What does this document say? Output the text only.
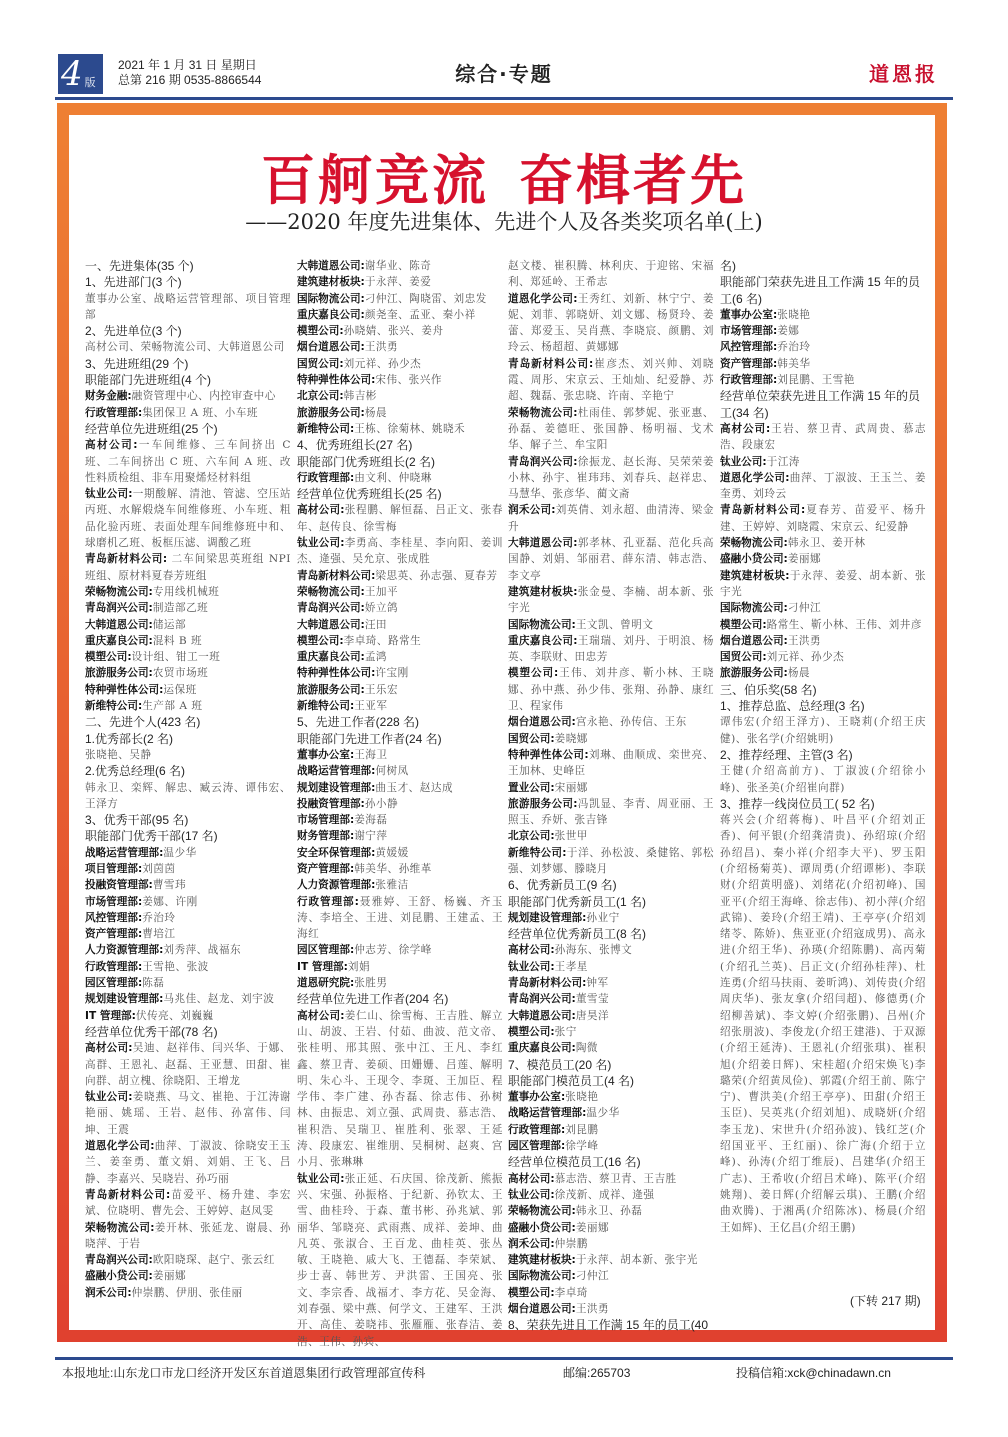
4 版
2021 年 1 月 31 日 星期日
总第 216 期 0535-8866544	综合·专题	道恩报
百舸竞流 奋楫者先
——2020 年度先进集体、先进个人及各类奖项名单(上)
一、先进集体(35 个)
1、先进部门(3 个)
董事办公室、战略运营管理部、项目管理部
2、先进单位(3 个)
高材公司、荣畅物流公司、大韩道恩公司
3、先进班组(29 个)
职能部门先进班组(4 个)
财务金融:融资管理中心、内控审查中心
行政管理部:集团保卫 A 班、小车班
经营单位先进班组(25 个)
高材公司:一车间维修、三车间挤出 C 班、二车间挤出 C 班、六车间 A 班、改性料质检组、非车用聚烯烃材料组
钛业公司:一期酸解、清池、管滤、空压站丙班、水解煅烧车间维修班、小车班、粗品化验丙班、表面处理车间维修班中和、球磨机乙班、板框压滤、调酸乙班
青岛新材料公司: 二车间梁思英班组 NPI 班组、原材料夏春芳班组
荣畅物流公司:专用线机械班
青岛润兴公司:制造部乙班
大韩道恩公司:储运部
重庆嘉良公司:混料 B 班
模塑公司:设计组、钳工一班
旅游服务公司:农贸市场班
特种弹性体公司:运保班
新维特公司:生产部 A 班
二、先进个人(423 名)
1.优秀部长(2 名)
张晓艳、吴静
2.优秀总经理(6 名)
韩永卫、栾辉、解忠、臧云涛、谭伟宏、王泽方
3、优秀干部(95 名)
职能部门优秀干部(17 名)
战略运营管理部:温少华
项目管理部:刘茵茵
投融资管理部:曹雪玮
市场管理部:姜娜、许刚
风控管理部:乔治玲
资产管理部:曹培江
人力资源管理部:刘秀萍、战福东
行政管理部:王雪艳、张波
园区管理部:陈磊
规划建设管理部:马兆佳、赵龙、刘宇波
IT 管理部:伏传亮、刘巍巍
经营单位优秀干部(78 名)
高材公司:吴迪、赵祥伟、闫兴华、于娜、高群、王恩礼、赵磊、王亚慧、田甜、崔向群、胡立槐、徐晓阳、王增龙
钛业公司:姜晓燕、马文、崔艳、于江涛谢艳丽、姚瑶、王岩、赵伟、孙富伟、闫坤、王震
道恩化学公司:曲萍、丁淑波、徐晓安王玉兰、姜奎勇、董文娟、刘娟、王飞、吕静、李嘉兴、吴晓岩、孙巧丽
青岛新材料公司:苗爱平、杨升建、李宏斌、位晓明、曹先会、王婷婷、赵凤雯
荣畅物流公司:姜开林、张延龙、谢晨、孙晓萍、于岩
青岛润兴公司:欧阳晓琛、赵宁、张云红
盛融小贷公司:姜丽娜
润禾公司:仲崇鹏、伊朋、张佳丽
大韩道恩公司:谢华业、陈奇
建筑建材板块:于永萍、姜爱
国际物流公司:刁仲江、陶晓雷、刘忠发
重庆嘉良公司:颜尧奎、孟亚、秦小祥
模塑公司:孙晓婧、张兴、姜舟
烟台道恩公司:王洪勇
国贸公司:刘元祥、孙少杰
特种弹性体公司:宋伟、张兴作
北京公司:韩吉彬
旅游服务公司:杨晨
新维特公司:王栋、徐菊林、姚晓禾
4、优秀班组长(27 名)
职能部门优秀班组长(2 名)
行政管理部:由文利、仲晓琳
经营单位优秀班组长(25 名)
高材公司:张程鹏、解恒磊、吕正文、张春年、赵传良、徐雪梅
钛业公司:李勇高、李桂星、李向阳、姜训杰、逄强、吴允京、张成胜
青岛新材料公司:梁思英、孙志强、夏春芳
荣畅物流公司:王加平
青岛润兴公司:娇立鸽
大韩道恩公司:汪田
模塑公司:李卓琦、路常生
重庆嘉良公司:孟鸿
特种弹性体公司:许宝刚
旅游服务公司:王乐宏
新维特公司:王亚军
5、先进工作者(228 名)
职能部门先进工作者(24 名)
董事办公室:王海卫
战略运营管理部:何树凤
规划建设管理部:曲玉才、赵达成
投融资管理部:孙小静
市场管理部:姜海磊
财务管理部:谢宁萍
安全环保管理部:黄媛媛
资产管理部:韩美华、孙维革
人力资源管理部:张雅洁
行政管理部:聂雅婷、王舒、杨巍、齐玉涛、李培全、王进、刘昆鹏、王建孟、王海红
园区管理部:仲志芳、徐学峰
IT 管理部:刘娟
道恩研究院:张胜男
经营单位先进工作者(204 名)
高材公司:姜仁山、徐雪梅、王吉胜、解立山、胡波、王岩、付茹、曲波、范文帝、张桂明、邢其照、张中江、王凡、李红鑫、蔡卫青、姜硕、田姗姗、吕莲、解明明、朱心斗、王现令、李斑、王加臣、程学伟、李广建、孙杏磊、徐志伟、孙树林、由振忠、刘立强、武周贵、慕志浩、崔积浩、吴瑞卫、崔胜利、张翠、王延涛、段康宏、崔维朋、吴桐树、赵爽、宫小月、张琳琳
钛业公司:张正延、石庆国、徐茂新、熊振兴、宋强、孙振格、于纪新、孙钦太、王雪、曲桂玲、于森、董书彬、孙兆斌、郭丽华、邹晓亮、武雨燕、成祥、姜坤、曲凡英、张淑合、王百龙、曲桂英、张丛敏、王晓艳、戚大飞、王德磊、李荣斌、步士喜、韩世芳、尹洪雷、王国亮、张文、李宗香、战福才、李方花、吴金海、刘春强、梁中燕、何学文、王建军、王洪开、高佳、姜晓祎、张雁雁、张春洁、姜浩、王伟、孙宾、
赵文楼、崔积腾、林利庆、于迎铭、宋福利、郑延岭、王希志
道恩化学公司:王秀红、刘新、林宁宁、姜妮、刘菲、郭晓妍、刘文娜、杨贤玲、姜蕾、郑爱玉、吴肖燕、李晓宸、颜鹏、刘玲云、杨超超、黄娜娜
青岛新材料公司:崔彦杰、刘兴帅、刘晓霞、周彤、宋京云、王灿灿、纪爱静、苏超、魏磊、张忠晓、许南、辛艳宁
荣畅物流公司:杜雨佳、郭梦妮、张亚惠、孙磊、姜德旺、张国静、杨明福、戈术华、解子兰、牟宝阳
青岛润兴公司:徐振龙、赵长海、吴荣荣姜小林、孙宇、崔玮玮、刘春兵、赵祥忠、马慧华、张彦华、蔺文斋
润禾公司:刘英倩、刘永超、曲清涛、梁金升
大韩道恩公司:郭孝林、孔亚磊、范化兵高国静、刘娟、邹丽君、薛东清、韩志浩、李文亭
建筑建材板块:张金曼、李楠、胡本新、张宇光
国际物流公司:王文凯、曾明文
重庆嘉良公司:王瑞瑞、刘丹、于明浪、杨英、李联财、田忠芳
模塑公司:王伟、刘井彦、靳小林、王晓娜、孙中燕、孙少伟、张翔、孙静、康红卫、程家伟
烟台道恩公司:宫永艳、孙传信、王东
国贸公司:姜晓娜
特种弹性体公司:刘琳、曲顺成、栾世亮、王加林、史峰臣
置业公司:宋丽娜
旅游服务公司:冯凯显、李青、周亚丽、王照玉、乔妍、张吉锋
北京公司:张世甲
新维特公司:于洋、孙松波、桑健铭、郭松强、刘梦娜、滕晓月
6、优秀新员工(9 名)
职能部门优秀新员工(1 名)
规划建设管理部:孙业宁
经营单位优秀新员工(8 名)
高材公司:孙海东、张博文
钛业公司:王孝星
青岛新材料公司:钟军
青岛润兴公司:董雪莹
大韩道恩公司:唐昊洋
模塑公司:张宁
重庆嘉良公司:陶微
7、模范员工(20 名)
职能部门模范员工(4 名)
董事办公室:张晓艳
战略运营管理部:温少华
行政管理部:刘昆鹏
园区管理部:徐学峰
经营单位模范员工(16 名)
高材公司:慕志浩、蔡卫青、王吉胜
钛业公司:徐茂新、成祥、逄强
荣畅物流公司:韩永卫、孙磊
盛融小贷公司:姜丽娜
润禾公司:仲崇鹏
建筑建材板块:于永萍、胡本新、张宇光
国际物流公司:刁仲江
模塑公司:李卓琦
烟台道恩公司:王洪勇
8、荣获先进且工作满 15 年的员工(40
名)
职能部门荣获先进且工作满 15 年的员工(6 名)
董事办公室:张晓艳
市场管理部:姜娜
风控管理部:乔治玲
资产管理部:韩美华
行政管理部:刘昆鹏、王雪艳
经营单位荣获先进且工作满 15 年的员工(34 名)
高材公司:王岩、蔡卫青、武周贵、慕志浩、段康宏
钛业公司:于江涛
道恩化学公司:曲萍、丁淑波、王玉兰、姜奎勇、刘玲云
青岛新材料公司:夏春芳、苗爱平、杨升建、王婷婷、刘晓霞、宋京云、纪爱静
荣畅物流公司:韩永卫、姜开林
盛融小贷公司:姜丽娜
建筑建材板块:于永萍、姜爱、胡本新、张宇光
国际物流公司:刁仲江
模塑公司:路常生、靳小林、王伟、刘井彦
烟台道恩公司:王洪勇
国贸公司:刘元祥、孙少杰
旅游服务公司:杨晨
三、伯乐奖(58 名)
1、推荐总监、总经理(3 名)
谭伟宏(介绍王泽方)、王晓莉(介绍王庆健)、张名学(介绍姚明)
2、推荐经理、主管(3 名)
王健(介绍高前方)、丁淑波(介绍徐小峰)、张圣美(介绍崔向群)
3、推荐一线岗位员工( 52 名)
蒋兴会(介绍蒋梅)、叶昌平(介绍刘正香)、何平银(介绍龚清贵)、孙绍琼(介绍孙绍昌)、秦小祥(介绍李大平)、罗玉阳(介绍杨菊英)、谭周勇(介绍谭彬)、李联财(介绍黄明盛)、刘绪花(介绍初峰)、国亚平(介绍王海峰、徐志伟)、初小萍(介绍武锦)、姜玲(介绍王靖)、王亭亭(介绍刘绪苓、陈娇)、焦亚亚(介绍寇成男)、高永进(介绍王华)、孙瑛(介绍陈鹏)、高丙菊(介绍孔兰英)、吕正文(介绍孙桂萍)、杜连勇(介绍马扶雨、姜昕鸿)、刘传贵(介绍周庆华)、张友拿(介绍闫超)、修德勇(介绍柳善斌)、李文婷(介绍张鹏)、吕州(介绍张朋波)、李俊龙(介绍王建港)、于双源(介绍王延涛)、王恩礼(介绍张琪)、崔积旭(介绍姜日辉)、宋桂超(介绍宋焕飞)李璐荣(介绍黄凤俭)、郭霞(介绍王前、陈宁宁)、曹洪美(介绍王亭亭)、田甜(介绍王玉臣)、吴英兆(介绍刘旭)、成晓妍(介绍李玉龙)、宋世升(介绍孙波)、钱红芝(介绍国亚平、王红丽)、徐广海(介绍于立峰)、孙涛(介绍丁维辰)、吕建华(介绍王广志)、王希收(介绍吕术峰)、陈平(介绍姚翔)、姜日辉(介绍解云琪)、王鹏(介绍曲欢腾)、于湘禹(介绍陈冰)、杨晨(介绍王如辉)、王亿昌(介绍王鹏)
(下转 217 期)
本报地址:山东龙口市龙口经济开发区东首道恩集团行政管理部宣传科	邮编:265703	投稿信箱:xck@chinadawn.cn
